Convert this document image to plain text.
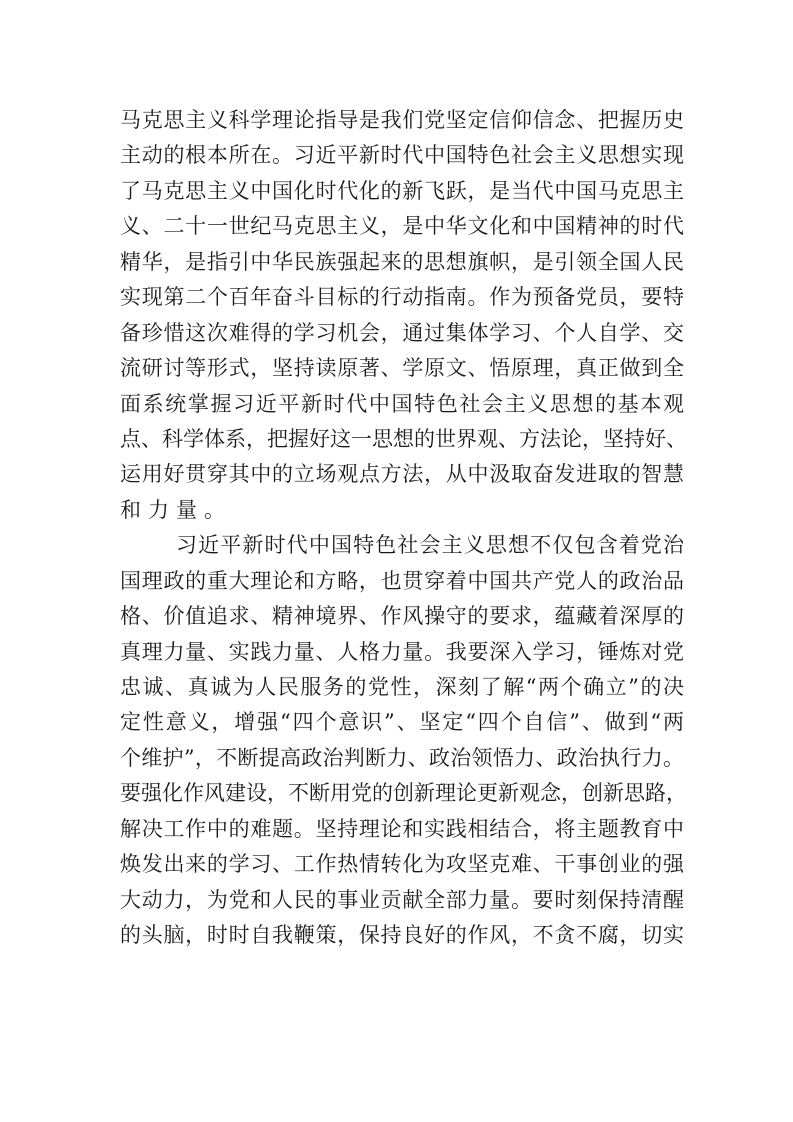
马克思主义科学理论指导是我们党坚定信仰信念、把握历史
主动的根本所在。习近平新时代中国特色社会主义思想实现
了马克思主义中国化时代化的新飞跃，是当代中国马克思主
义、二十一世纪马克思主义，是中华文化和中国精神的时代
精华，是指引中华民族强起来的思想旗帜，是引领全国人民
实现第二个百年奋斗目标的行动指南。作为预备党员，要特
备珍惜这次难得的学习机会，通过集体学习、个人自学、交
流研讨等形式，坚持读原著、学原文、悟原理，真正做到全
面系统掌握习近平新时代中国特色社会主义思想的基本观
点、科学体系，把握好这一思想的世界观、方法论，坚持好、
运用好贯穿其中的立场观点方法，从中汲取奋发进取的智慧
和力量。
习近平新时代中国特色社会主义思想不仅包含着党治
国理政的重大理论和方略，也贯穿着中国共产党人的政治品
格、价值追求、精神境界、作风操守的要求，蕴藏着深厚的
真理力量、实践力量、人格力量。我要深入学习，锤炼对党
忠诚、真诚为人民服务的党性，深刻了解“两个确立”的决
定性意义，增强“四个意识”、坚定“四个自信”、做到“两
个维护”，不断提高政治判断力、政治领悟力、政治执行力。
要强化作风建设，不断用党的创新理论更新观念，创新思路，
解决工作中的难题。坚持理论和实践相结合，将主题教育中
焕发出来的学习、工作热情转化为攻坚克难、干事创业的强
大动力，为党和人民的事业贡献全部力量。要时刻保持清醒
的头脑，时时自我鞭策，保持良好的作风，不贪不腐，切实
